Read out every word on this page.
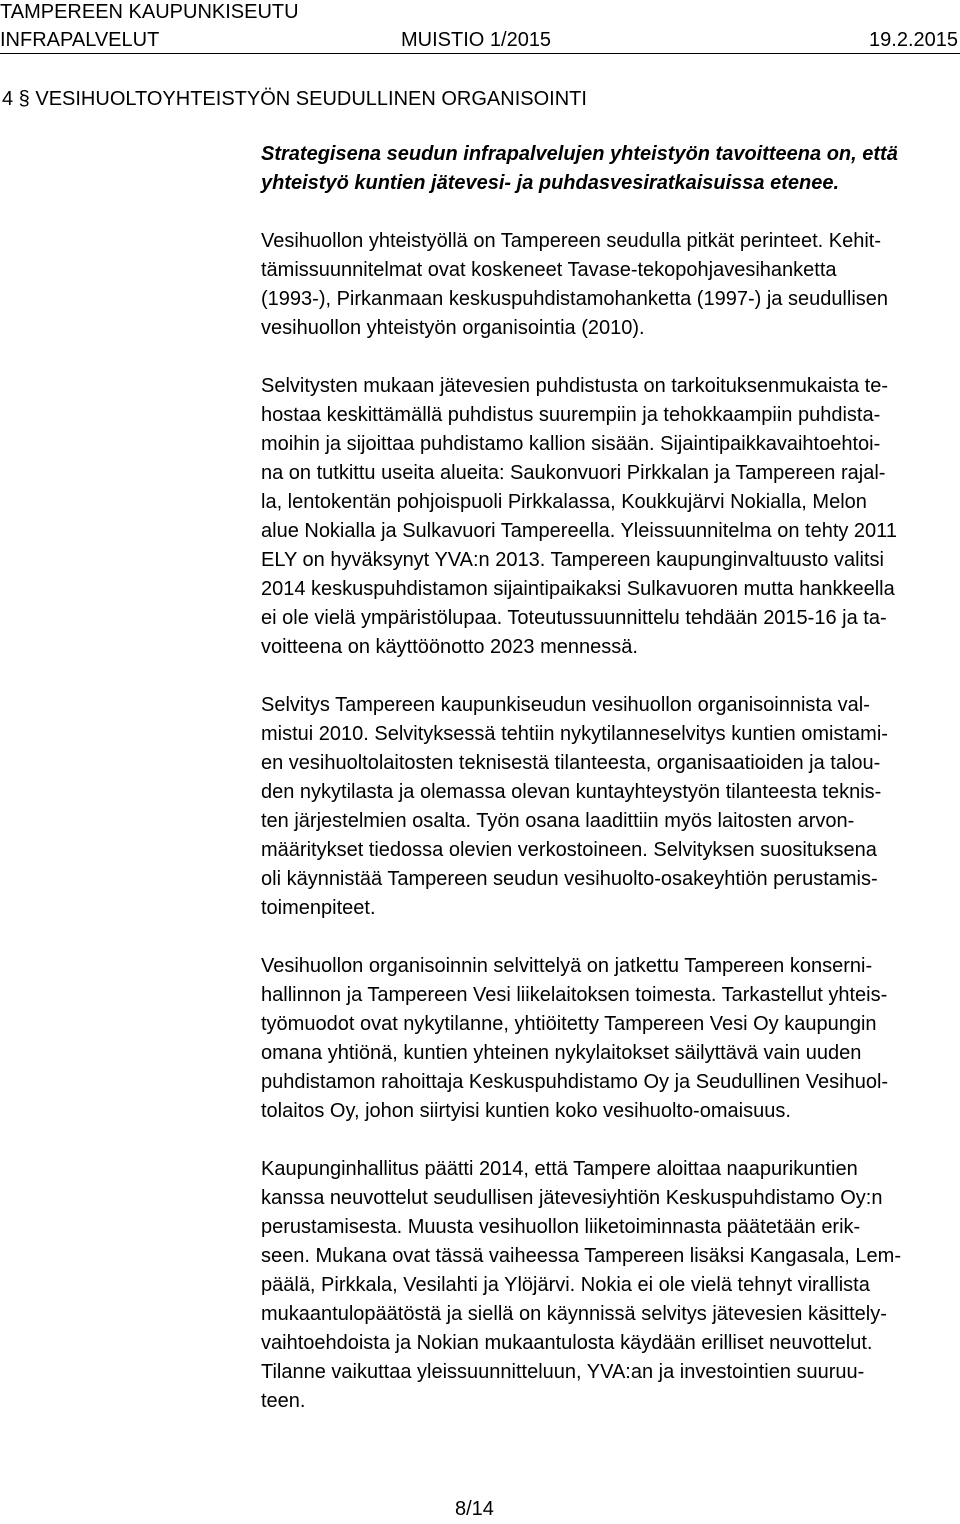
TAMPEREEN KAUPUNKISEUTU
INFRAPALVELUT	MUISTIO 1/2015	19.2.2015
4 § VESIHUOLTOYHTEISTYÖN SEUDULLINEN ORGANISOINTI

Strategisena seudun infrapalvelujen yhteistyön tavoitteena on, että
yhteistyö kuntien jätevesi- ja puhdasvesiratkaisuissa etenee.

Vesihuollon yhteistyöllä on Tampereen seudulla pitkät perinteet. Kehit-
tämissuunnitelmat ovat koskeneet Tavase-tekopohjavesihanketta
(1993-), Pirkanmaan keskuspuhdistamohanketta (1997-) ja seudullisen
vesihuollon yhteistyön organisointia (2010).

Selvitysten mukaan jätevesien puhdistusta on tarkoituksenmukaista te-
hostaa keskittämällä puhdistus suurempiin ja tehokkaampiin puhdista-
moihin ja sijoittaa puhdistamo kallion sisään. Sijaintipaikkavaihtoehtoi-
na on tutkittu useita alueita: Saukonvuori Pirkkalan ja Tampereen rajal-
la, lentokentän pohjoispuoli Pirkkalassa, Koukkujärvi Nokialla, Melon
alue Nokialla ja Sulkavuori Tampereella. Yleissuunnitelma on tehty 2011
ELY on hyväksynyt YVA:n 2013. Tampereen kaupunginvaltuusto valitsi
2014 keskuspuhdistamon sijaintipaikaksi Sulkavuoren mutta hankkeella
ei ole vielä ympäristölupaa. Toteutussuunnittelu tehdään 2015-16 ja ta-
voitteena on käyttöönotto 2023 mennessä.

Selvitys Tampereen kaupunkiseudun vesihuollon organisoinnista val-
mistui 2010. Selvityksessä tehtiin nykytilanneselvitys kuntien omistami-
en vesihuoltolaitosten teknisestä tilanteesta, organisaatioiden ja talou-
den nykytilasta ja olemassa olevan kuntayhteystyön tilanteesta teknis-
ten järjestelmien osalta. Työn osana laadittiin myös laitosten arvon-
määritykset tiedossa olevien verkostoineen. Selvityksen suosituksena
oli käynnistää Tampereen seudun vesihuolto-osakeyhtiön perustamis-
toimenpiteet.

Vesihuollon organisoinnin selvittelyä on jatkettu Tampereen konserni-
hallinnon ja Tampereen Vesi liikelaitoksen toimesta. Tarkastellut yhteis-
työmuodot ovat nykytilanne, yhtiöitetty Tampereen Vesi Oy kaupungin
omana yhtiönä, kuntien yhteinen nykylaitokset säilyttävä vain uuden
puhdistamon rahoittaja Keskuspuhdistamo Oy ja Seudullinen Vesihuol-
tolaitos Oy, johon siirtyisi kuntien koko vesihuolto-omaisuus.

Kaupunginhallitus päätti 2014, että Tampere aloittaa naapurikuntien
kanssa neuvottelut seudullisen jätevesiyhtiön Keskuspuhdistamo Oy:n
perustamisesta. Muusta vesihuollon liiketoiminnasta päätetään erik-
seen. Mukana ovat tässä vaiheessa Tampereen lisäksi Kangasala, Lem-
päälä, Pirkkala, Vesilahti ja Ylöjärvi. Nokia ei ole vielä tehnyt virallista
mukaantulopäätöstä ja siellä on käynnissä selvitys jätevesien käsittely-
vaihtoehdoista ja Nokian mukaantulosta käydään erilliset neuvottelut.
Tilanne vaikuttaa yleissuunnitteluun, YVA:an ja investointien suuruu-
teen.

8/14
